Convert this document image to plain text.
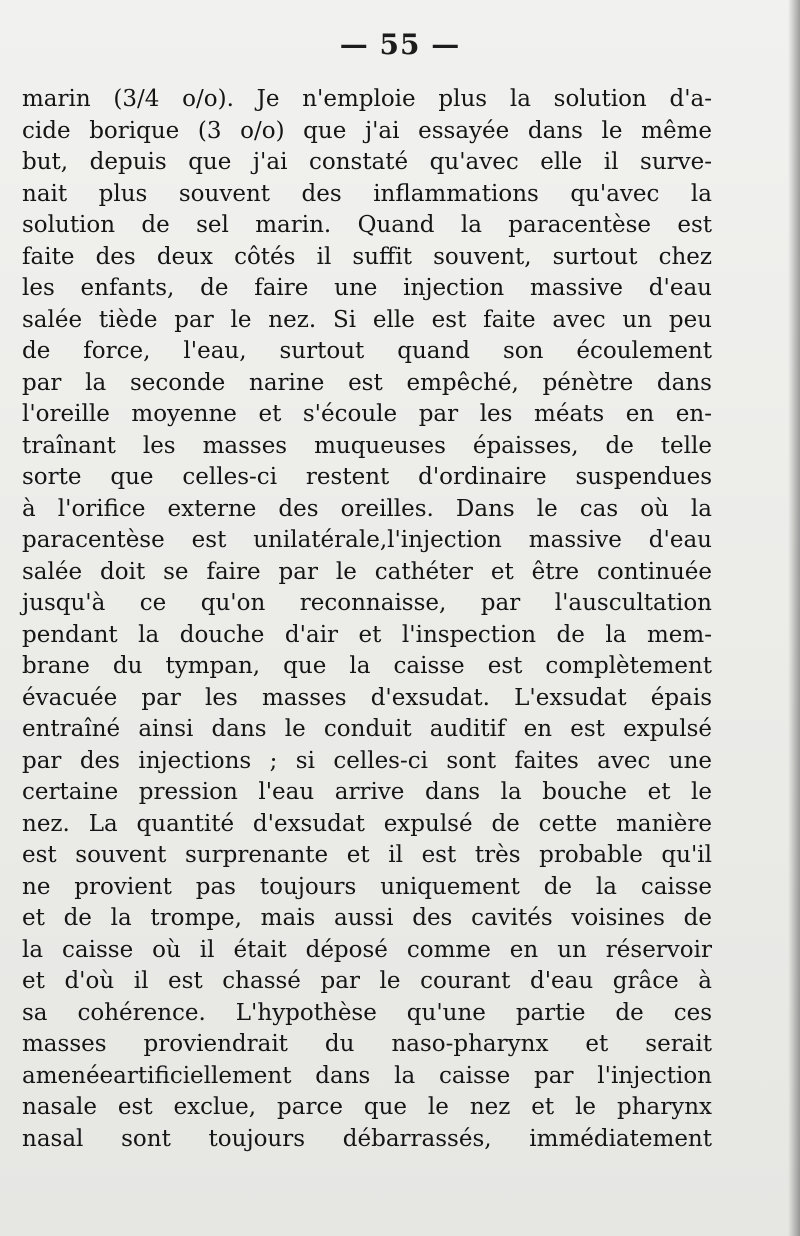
— 55 —
marin (3/4 o/o). Je n'emploie plus la solution d'a-
cide borique (3 o/o) que j'ai essayée dans le même
but, depuis que j'ai constaté qu'avec elle il surve-
nait plus souvent des inflammations qu'avec la
solution de sel marin. Quand la paracentèse est
faite des deux côtés il suffit souvent, surtout chez
les enfants, de faire une injection massive d'eau
salée tiède par le nez. Si elle est faite avec un peu
de force, l'eau, surtout quand son écoulement
par la seconde narine est empêché, pénètre dans
l'oreille moyenne et s'écoule par les méats en en-
traînant les masses muqueuses épaisses, de telle
sorte que celles-ci restent d'ordinaire suspendues
à l'orifice externe des oreilles. Dans le cas où la
paracentèse est unilatérale,l'injection massive d'eau
salée doit se faire par le cathéter et être continuée
jusqu'à ce qu'on reconnaisse, par l'auscultation
pendant la douche d'air et l'inspection de la mem-
brane du tympan, que la caisse est complètement
évacuée par les masses d'exsudat. L'exsudat épais
entraîné ainsi dans le conduit auditif en est expulsé
par des injections ; si celles-ci sont faites avec une
certaine pression l'eau arrive dans la bouche et le
nez. La quantité d'exsudat expulsé de cette manière
est souvent surprenante et il est très probable qu'il
ne provient pas toujours uniquement de la caisse
et de la trompe, mais aussi des cavités voisines de
la caisse où il était déposé comme en un réservoir
et d'où il est chassé par le courant d'eau grâce à
sa cohérence. L'hypothèse qu'une partie de ces
masses proviendrait du naso-pharynx et serait
amenéeartificiellement dans la caisse par l'injection
nasale est exclue, parce que le nez et le pharynx
nasal sont toujours débarrassés, immédiatement
